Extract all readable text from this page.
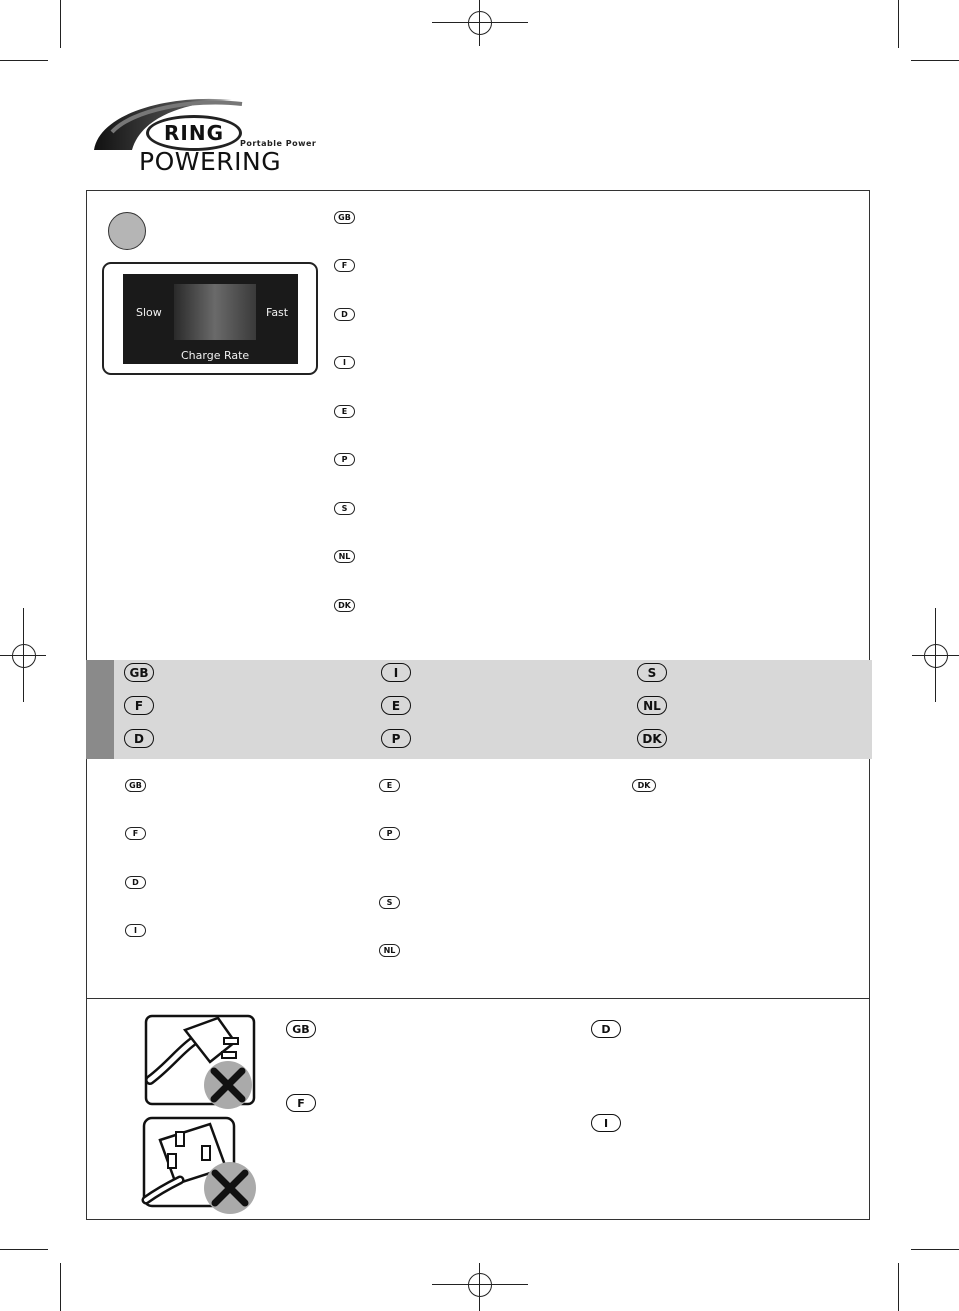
RING	Portable Power
POWERING
Slow	Fast
Charge Rate
GB
F
D
I
E
P
S
NL
DK
GB
F
D
I
E
P
S
NL
DK
GB
F
D
I
E
P
S
NL
DK
GB
F
D
I
